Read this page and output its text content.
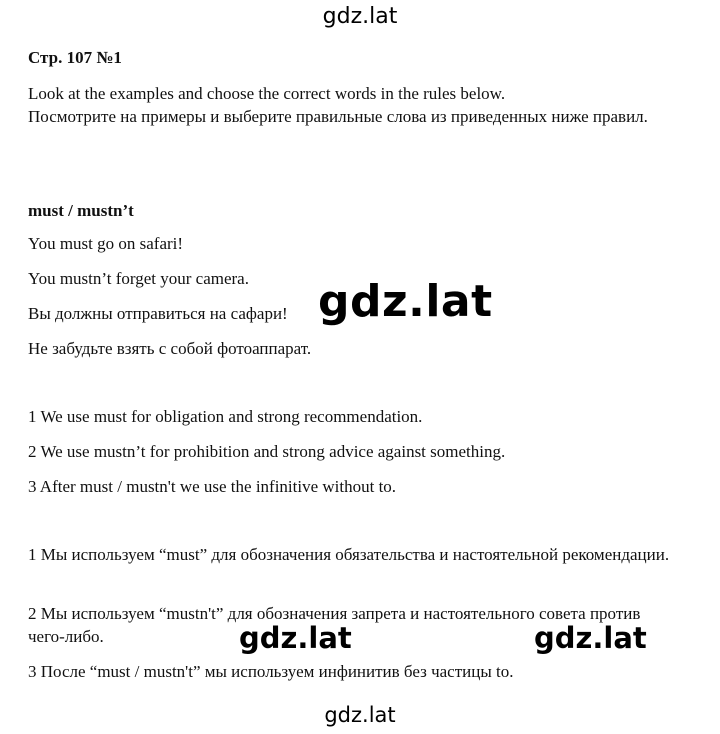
gdz.lat
Стр. 107 №1
Look at the examples and choose the correct words in the rules below.
Посмотрите на примеры и выберите правильные слова из приведенных ниже правил.
must / mustn’t
You must go on safari!
You mustn’t forget your camera.
Вы должны отправиться на сафари!
Не забудьте взять с собой фотоаппарат.
1 We use must for obligation and strong recommendation.
2 We use mustn’t for prohibition and strong advice against something.
3 After must / mustn't we use the infinitive without to.
1 Мы используем “must” для обозначения обязательства и настоятельной рекомендации.
2 Мы используем “mustn't” для обозначения запрета и настоятельного совета против чего-либо.
3 После “must / mustn't” мы используем инфинитив без частицы to.
gdz.lat
gdz.lat	gdz.lat
gdz.lat
